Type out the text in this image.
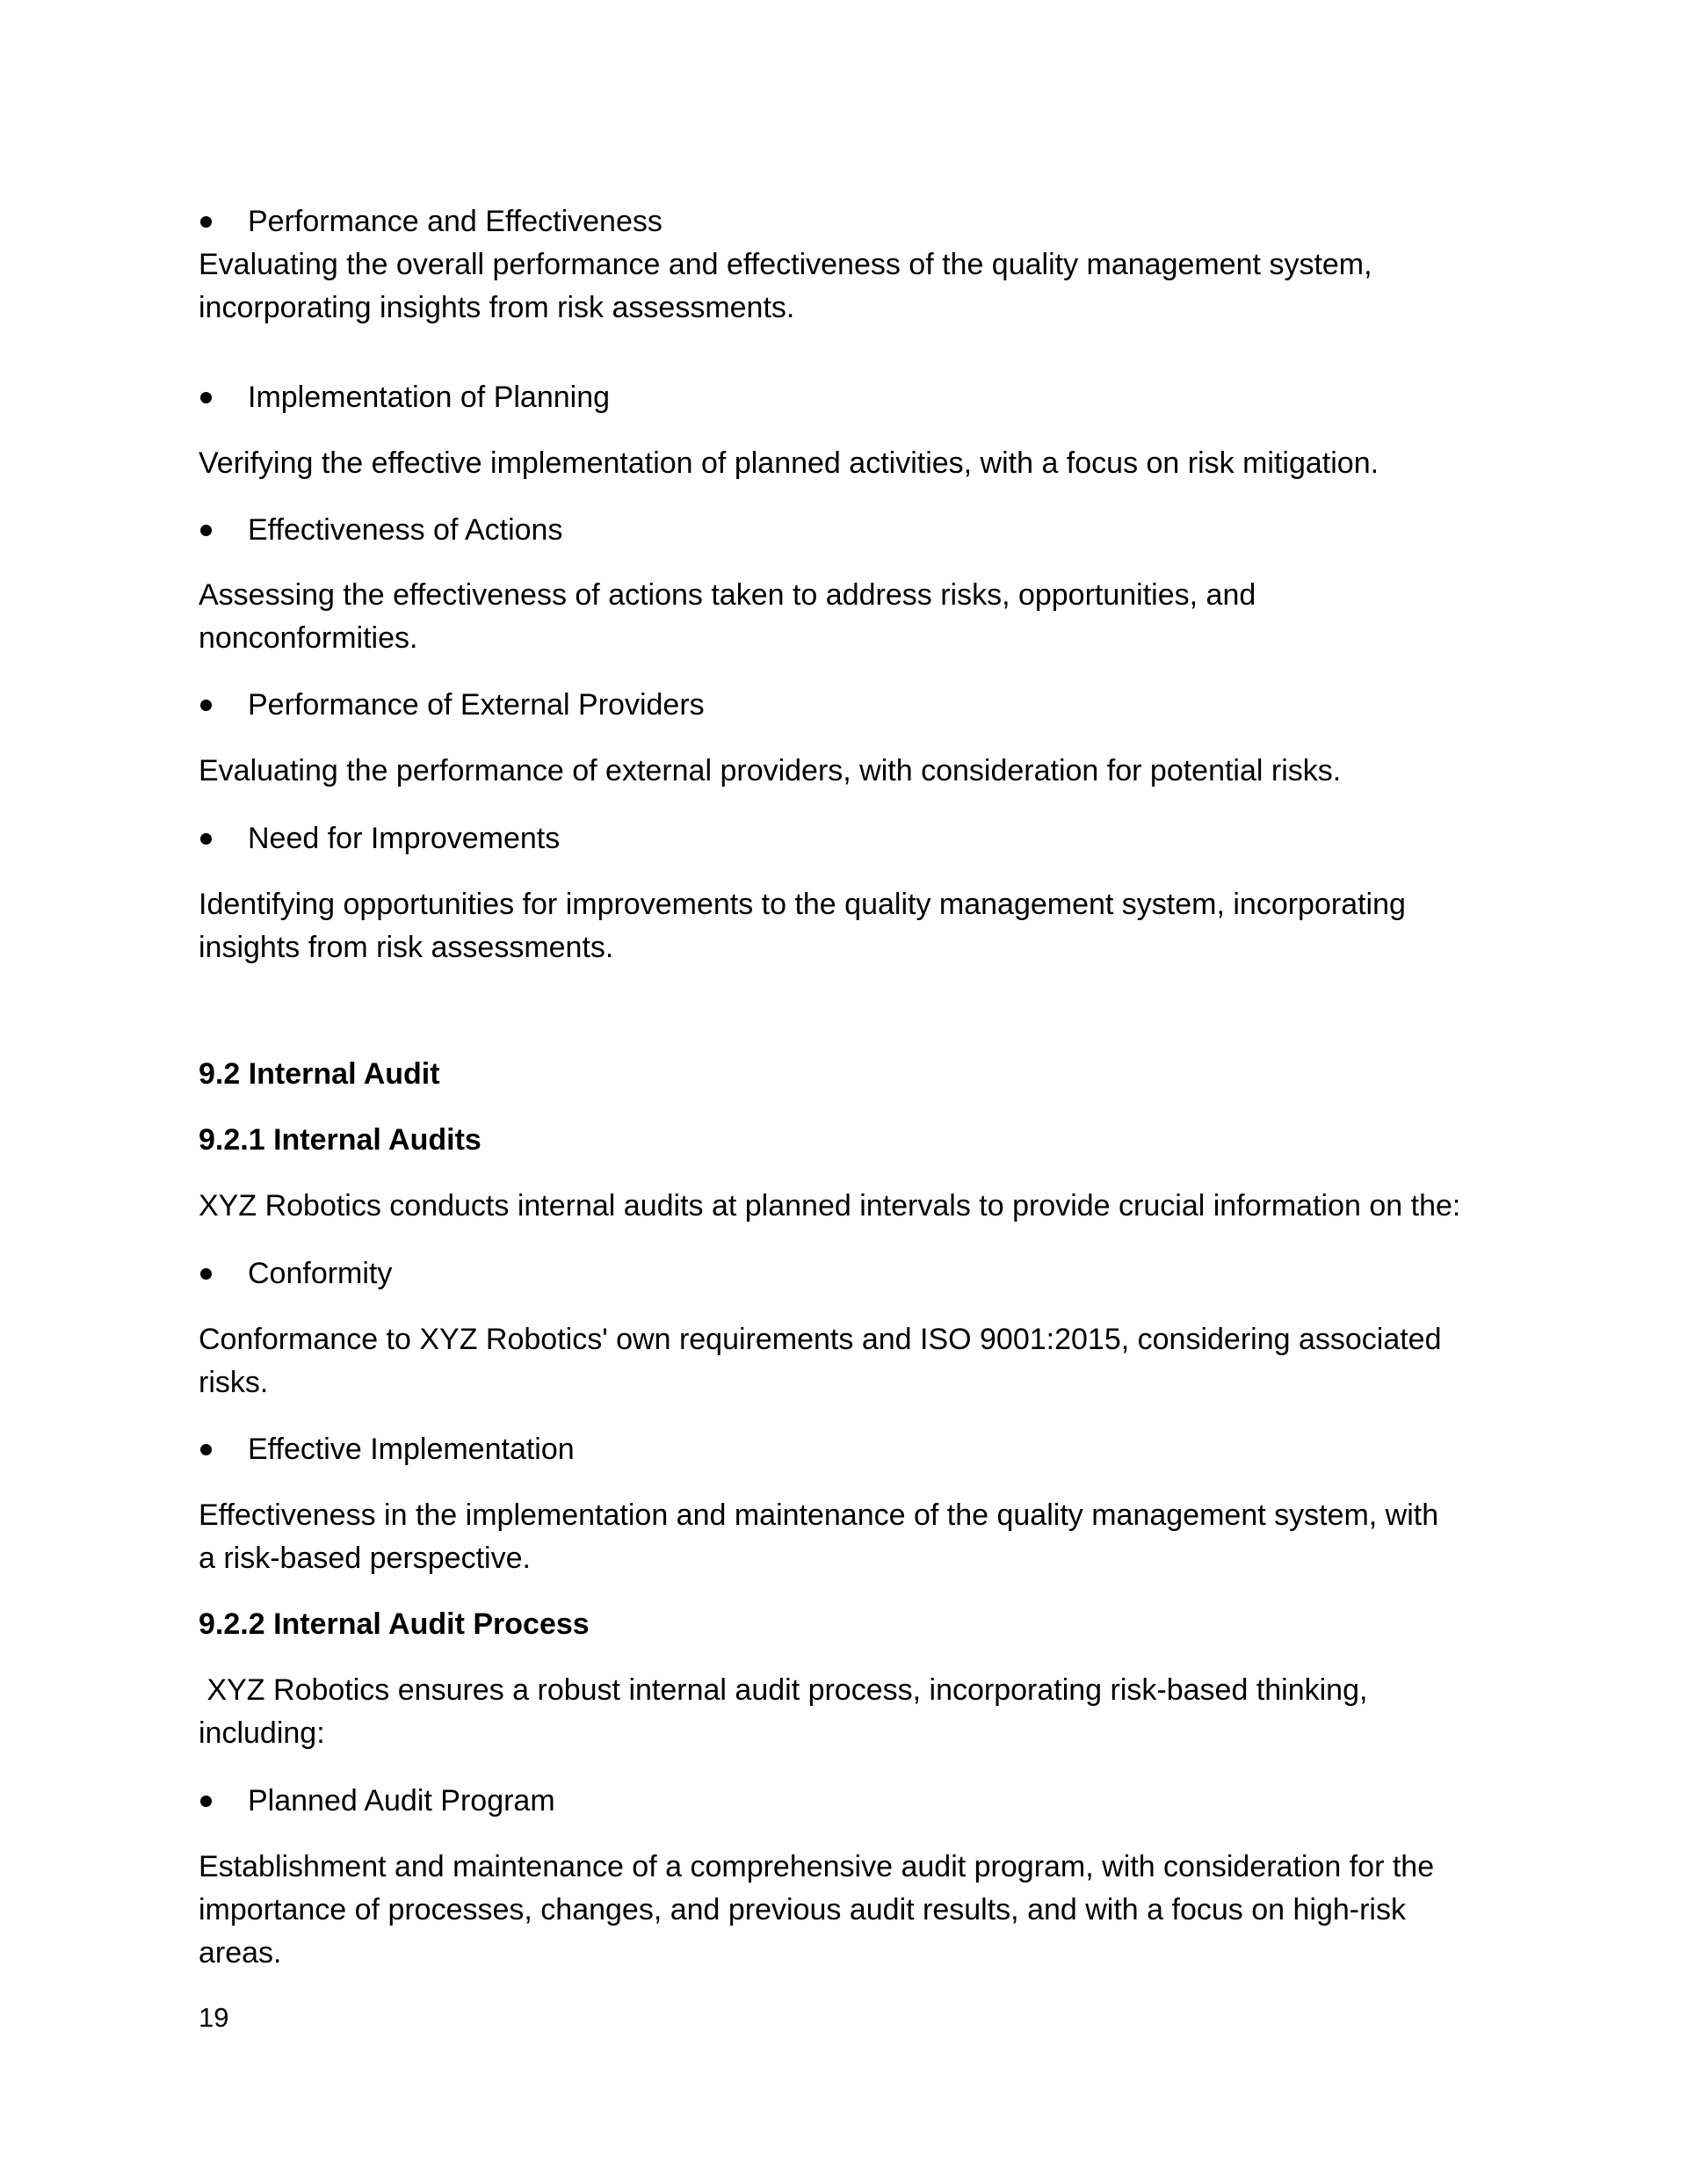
Performance and Effectiveness
Evaluating the overall performance and effectiveness of the quality management system,
incorporating insights from risk assessments.
Implementation of Planning
Verifying the effective implementation of planned activities, with a focus on risk mitigation.
Effectiveness of Actions
Assessing the effectiveness of actions taken to address risks, opportunities, and
nonconformities.
Performance of External Providers
Evaluating the performance of external providers, with consideration for potential risks.
Need for Improvements
Identifying opportunities for improvements to the quality management system, incorporating
insights from risk assessments.
9.2 Internal Audit
9.2.1 Internal Audits
XYZ Robotics conducts internal audits at planned intervals to provide crucial information on the:
Conformity
Conformance to XYZ Robotics' own requirements and ISO 9001:2015, considering associated
risks.
Effective Implementation
Effectiveness in the implementation and maintenance of the quality management system, with
a risk-based perspective.
9.2.2 Internal Audit Process
XYZ Robotics ensures a robust internal audit process, incorporating risk-based thinking,
including:
Planned Audit Program
Establishment and maintenance of a comprehensive audit program, with consideration for the
importance of processes, changes, and previous audit results, and with a focus on high-risk
areas.
19
